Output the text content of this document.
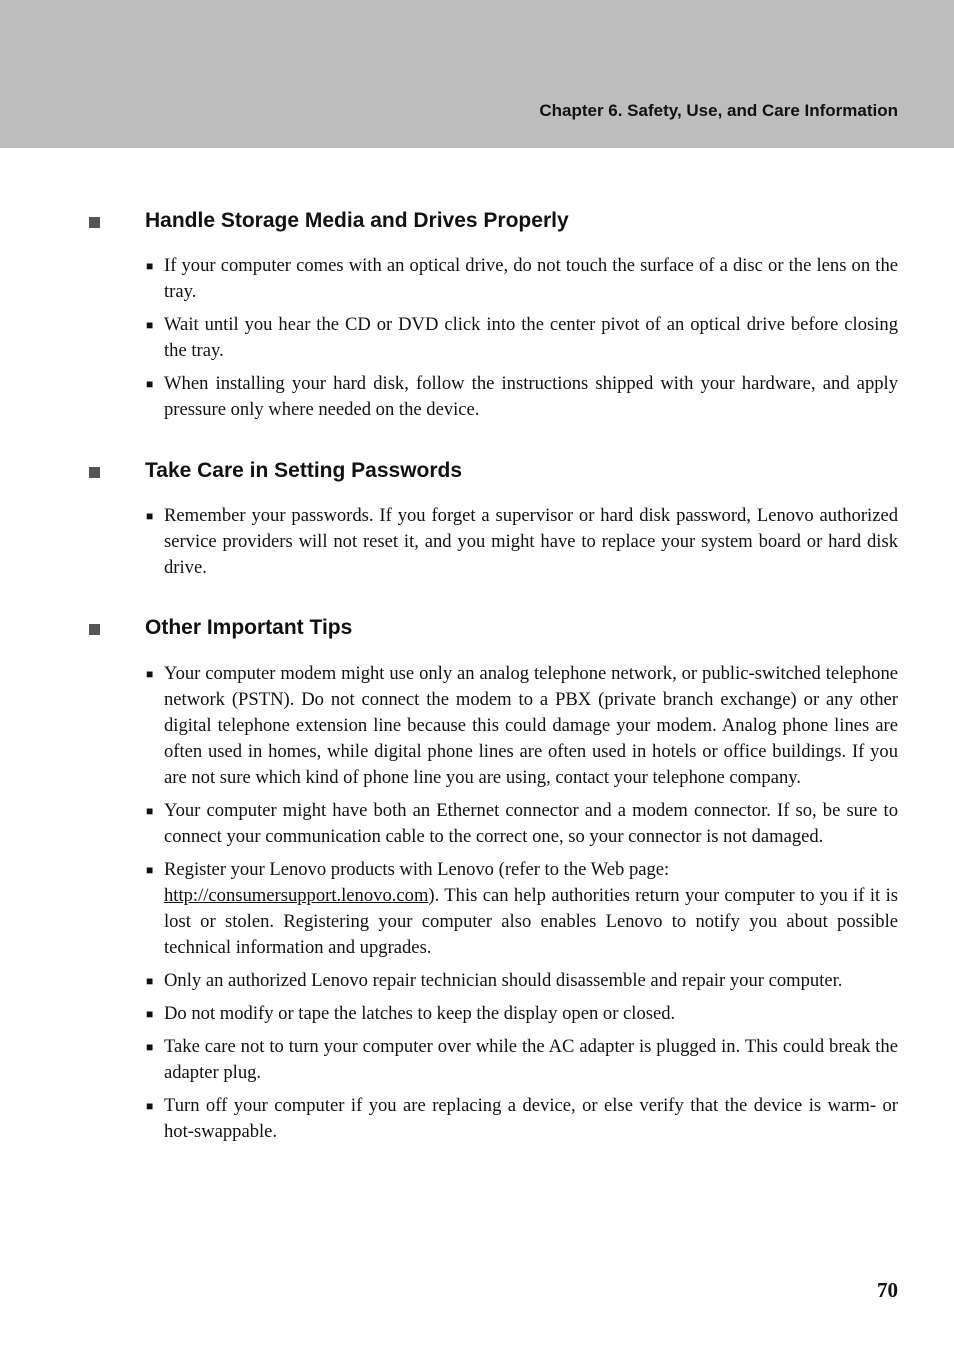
Chapter 6. Safety, Use, and Care Information
Handle Storage Media and Drives Properly
■ If your computer comes with an optical drive, do not touch the surface of a disc or the lens on the tray.
■ Wait until you hear the CD or DVD click into the center pivot of an optical drive before closing the tray.
■ When installing your hard disk, follow the instructions shipped with your hardware, and apply pressure only where needed on the device.
Take Care in Setting Passwords
■ Remember your passwords. If you forget a supervisor or hard disk password, Lenovo authorized service providers will not reset it, and you might have to replace your system board or hard disk drive.
Other Important Tips
■ Your computer modem might use only an analog telephone network, or public-switched telephone network (PSTN). Do not connect the modem to a PBX (private branch exchange) or any other digital telephone extension line because this could damage your modem. Analog phone lines are often used in homes, while digital phone lines are often used in hotels or office buildings. If you are not sure which kind of phone line you are using, contact your telephone company.
■ Your computer might have both an Ethernet connector and a modem connector. If so, be sure to connect your communication cable to the correct one, so your connector is not damaged.
■ Register your Lenovo products with Lenovo (refer to the Web page:
http://consumersupport.lenovo.com). This can help authorities return your computer to you if it is lost or stolen. Registering your computer also enables Lenovo to notify you about possible technical information and upgrades.
■ Only an authorized Lenovo repair technician should disassemble and repair your computer.
■ Do not modify or tape the latches to keep the display open or closed.
■ Take care not to turn your computer over while the AC adapter is plugged in. This could break the adapter plug.
■ Turn off your computer if you are replacing a device, or else verify that the device is warm- or hot-swappable.
70
